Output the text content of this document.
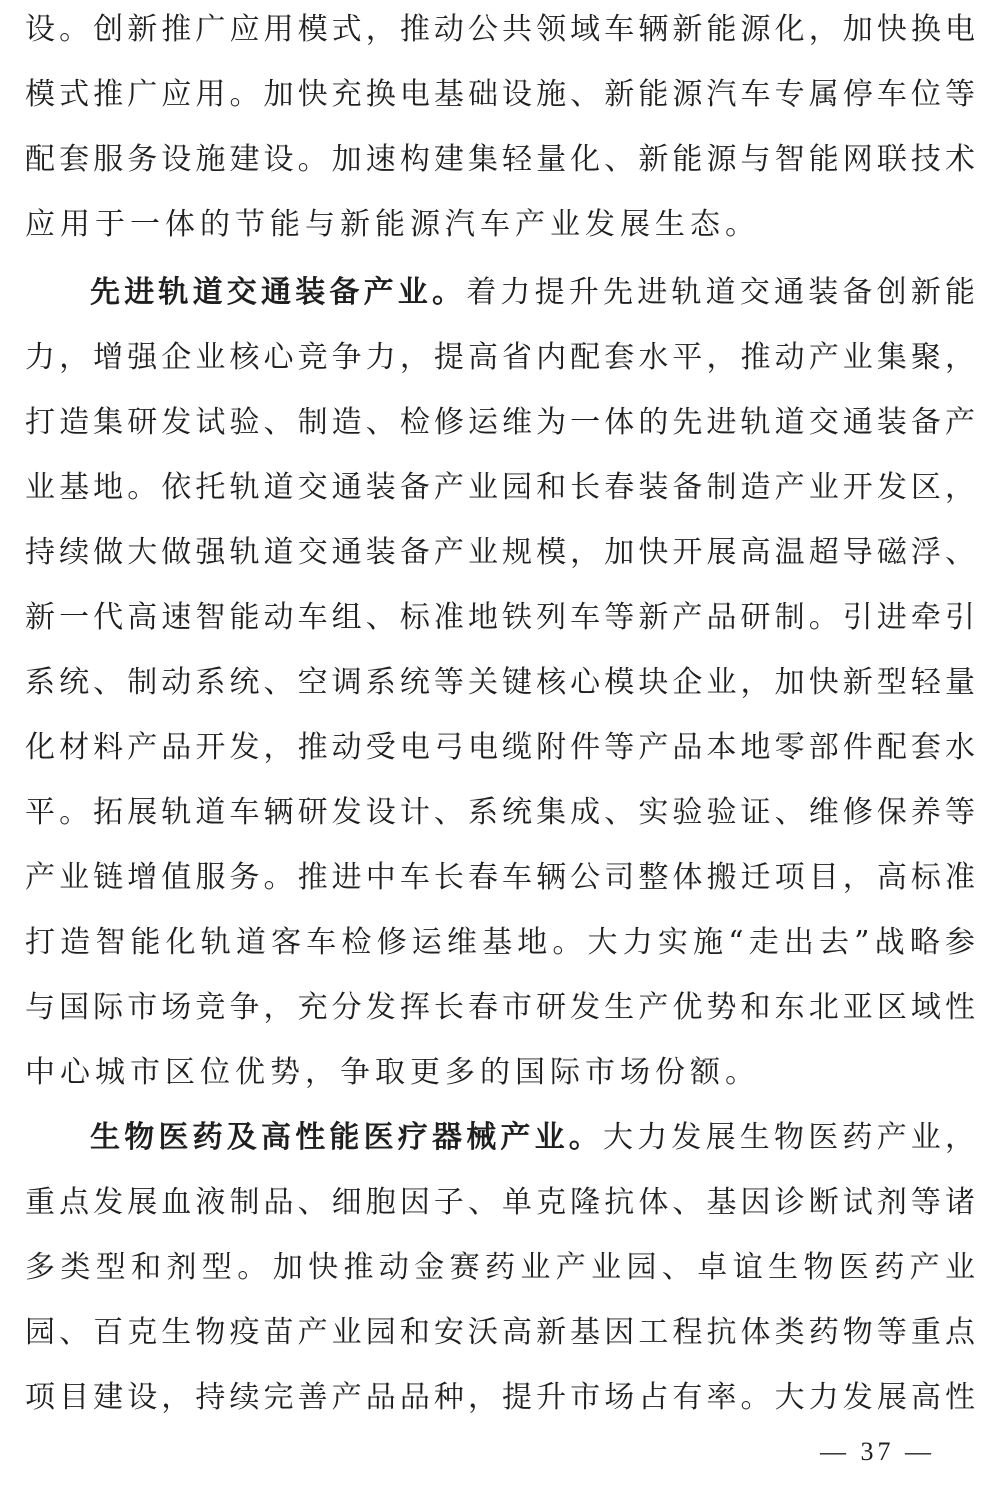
设。创新推广应用模式，推动公共领域车辆新能源化，加快换电
模式推广应用。加快充换电基础设施、新能源汽车专属停车位等
配套服务设施建设。加速构建集轻量化、新能源与智能网联技术
应用于一体的节能与新能源汽车产业发展生态。
先进轨道交通装备产业。着力提升先进轨道交通装备创新能
力，增强企业核心竞争力，提高省内配套水平，推动产业集聚，
打造集研发试验、制造、检修运维为一体的先进轨道交通装备产
业基地。依托轨道交通装备产业园和长春装备制造产业开发区，
持续做大做强轨道交通装备产业规模，加快开展高温超导磁浮、
新一代高速智能动车组、标准地铁列车等新产品研制。引进牵引
系统、制动系统、空调系统等关键核心模块企业，加快新型轻量
化材料产品开发，推动受电弓电缆附件等产品本地零部件配套水
平。拓展轨道车辆研发设计、系统集成、实验验证、维修保养等
产业链增值服务。推进中车长春车辆公司整体搬迁项目，高标准
打造智能化轨道客车检修运维基地。大力实施“走出去”战略参
与国际市场竞争，充分发挥长春市研发生产优势和东北亚区域性
中心城市区位优势，争取更多的国际市场份额。
生物医药及高性能医疗器械产业。大力发展生物医药产业，
重点发展血液制品、细胞因子、单克隆抗体、基因诊断试剂等诸
多类型和剂型。加快推动金赛药业产业园、卓谊生物医药产业
园、百克生物疫苗产业园和安沃高新基因工程抗体类药物等重点
项目建设，持续完善产品品种，提升市场占有率。大力发展高性
— 37 —
